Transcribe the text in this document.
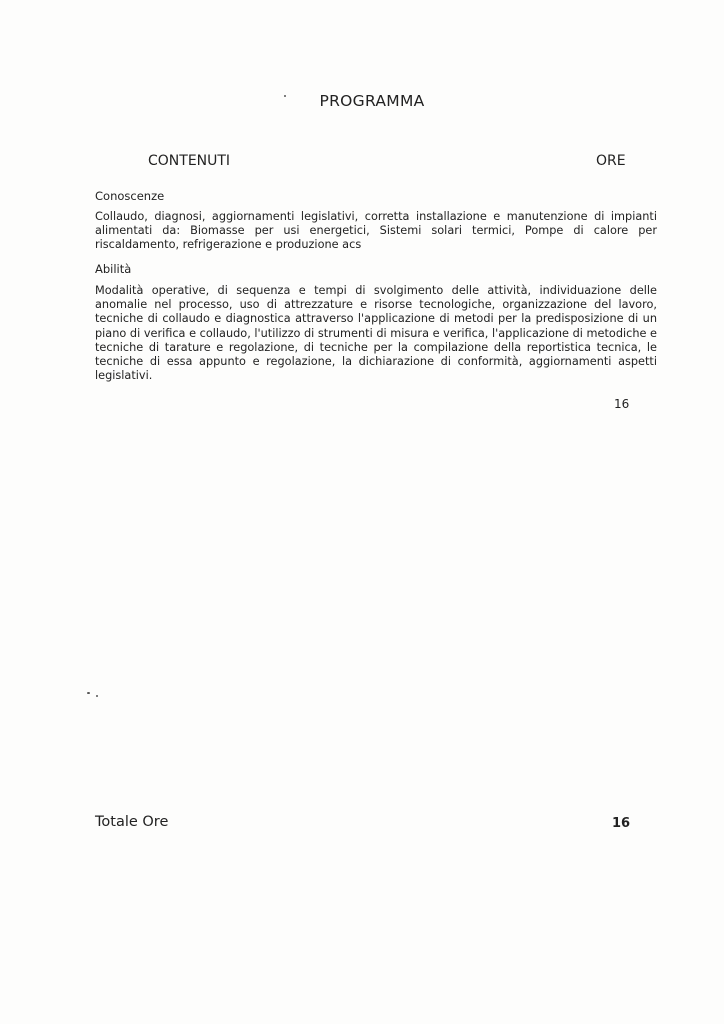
PROGRAMMA
CONTENUTI	ORE
Conoscenze
Collaudo, diagnosi, aggiornamenti legislativi, corretta installazione e manutenzione di impianti alimentati da: Biomasse per usi energetici, Sistemi solari termici, Pompe di calore per riscaldamento, refrigerazione e produzione acs
Abilità
Modalità operative, di sequenza e tempi di svolgimento delle attività, individuazione delle anomalie nel processo, uso di attrezzature e risorse tecnologiche, organizzazione del lavoro, tecniche di collaudo e diagnostica attraverso l'applicazione di metodi per la predisposizione di un piano di verifica e collaudo, l'utilizzo di strumenti di misura e verifica, l'applicazione di metodiche e tecniche di tarature e regolazione, di tecniche per la compilazione della reportistica tecnica, le tecniche di essa appunto e regolazione, la dichiarazione di conformità, aggiornamenti aspetti legislativi.
16
Totale Ore	16
